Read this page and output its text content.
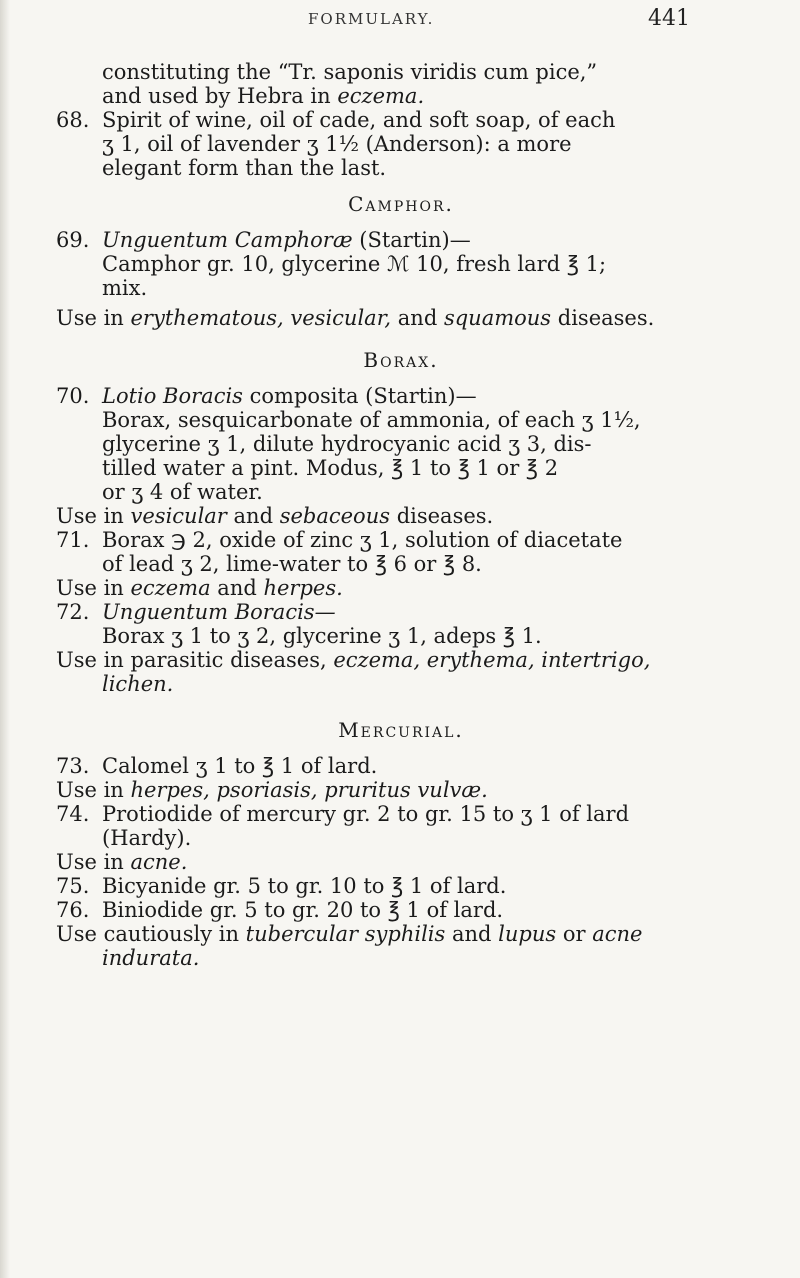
FORMULARY.	441

constituting the “Tr. saponis viridis cum pice,”

and used by Hebra in eczema.

68. Spirit of wine, oil of cade, and soft soap, of each

ʒ 1, oil of lavender ʒ 1½ (Anderson): a more

elegant form than the last.

Camphor.

69. Unguentum Camphoræ (Startin)—

Camphor gr. 10, glycerine ℳ 10, fresh lard ℥ 1;

mix.

Use in erythematous, vesicular, and squamous diseases.

Borax.

70. Lotio Boracis composita (Startin)—

Borax, sesquicarbonate of ammonia, of each ʒ 1½,

glycerine ʒ 1, dilute hydrocyanic acid ʒ 3, dis-

tilled water a pint. Modus, ℥ 1 to ℥ 1 or ℥ 2

or ʒ 4 of water.

Use in vesicular and sebaceous diseases.

71. Borax ℈ 2, oxide of zinc ʒ 1, solution of diacetate

of lead ʒ 2, lime-water to ℥ 6 or ℥ 8.

Use in eczema and herpes.

72. Unguentum Boracis—

Borax ʒ 1 to ʒ 2, glycerine ʒ 1, adeps ℥ 1.

Use in parasitic diseases, eczema, erythema, intertrigo,

lichen.

Mercurial.

73. Calomel ʒ 1 to ℥ 1 of lard.

Use in herpes, psoriasis, pruritus vulvæ.

74. Protiodide of mercury gr. 2 to gr. 15 to ʒ 1 of lard

(Hardy).

Use in acne.

75. Bicyanide gr. 5 to gr. 10 to ℥ 1 of lard.

76. Biniodide gr. 5 to gr. 20 to ℥ 1 of lard.

Use cautiously in tubercular syphilis and lupus or acne

indurata.
